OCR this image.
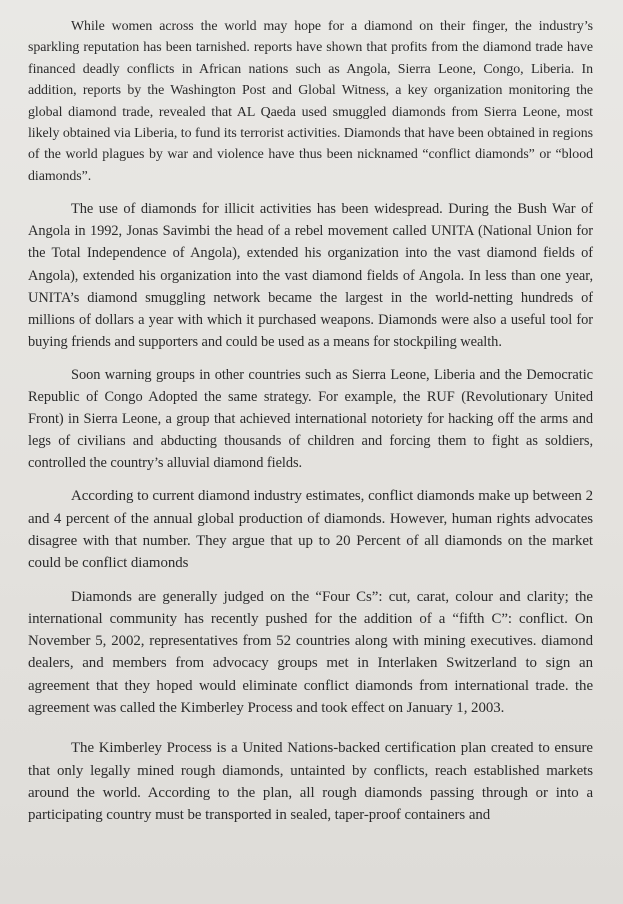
While women across the world may hope for a diamond on their finger, the industry’s sparkling reputation has been tarnished. reports have shown that profits from the diamond trade have financed deadly conflicts in African nations such as Angola, Sierra Leone, Congo, Liberia. In addition, reports by the Washington Post and Global Witness, a key organization monitoring the global diamond trade, revealed that AL Qaeda used smuggled diamonds from Sierra Leone, most likely obtained via Liberia, to fund its terrorist activities. Diamonds that have been obtained in regions of the world plagues by war and violence have thus been nicknamed “conflict diamonds” or “blood diamonds”.

The use of diamonds for illicit activities has been widespread. During the Bush War of Angola in 1992, Jonas Savimbi the head of a rebel movement called UNITA (National Union for the Total Independence of Angola), extended his organization into the vast diamond fields of Angola), extended his organization into the vast diamond fields of Angola. In less than one year, UNITA’s diamond smuggling network became the largest in the world-netting hundreds of millions of dollars a year with which it purchased weapons. Diamonds were also a useful tool for buying friends and supporters and could be used as a means for stockpiling wealth.

Soon warning groups in other countries such as Sierra Leone, Liberia and the Democratic Republic of Congo Adopted the same strategy. For example, the RUF (Revolutionary United Front) in Sierra Leone, a group that achieved international notoriety for hacking off the arms and legs of civilians and abducting thousands of children and forcing them to fight as soldiers, controlled the country’s alluvial diamond fields.

According to current diamond industry estimates, conflict diamonds make up between 2 and 4 percent of the annual global production of diamonds. However, human rights advocates disagree with that number. They argue that up to 20 Percent of all diamonds on the market could be conflict diamonds

Diamonds are generally judged on the “Four Cs”: cut, carat, colour and clarity; the international community has recently pushed for the addition of a “fifth C”: conflict. On November 5, 2002, representatives from 52 countries along with mining executives. diamond dealers, and members from advocacy groups met in Interlaken Switzerland to sign an agreement that they hoped would eliminate conflict diamonds from international trade. the agreement was called the Kimberley Process and took effect on January 1, 2003.

The Kimberley Process is a United Nations-backed certification plan created to ensure that only legally mined rough diamonds, untainted by conflicts, reach established markets around the world. According to the plan, all rough diamonds passing through or into a participating country must be transported in sealed, taper-proof containers and
